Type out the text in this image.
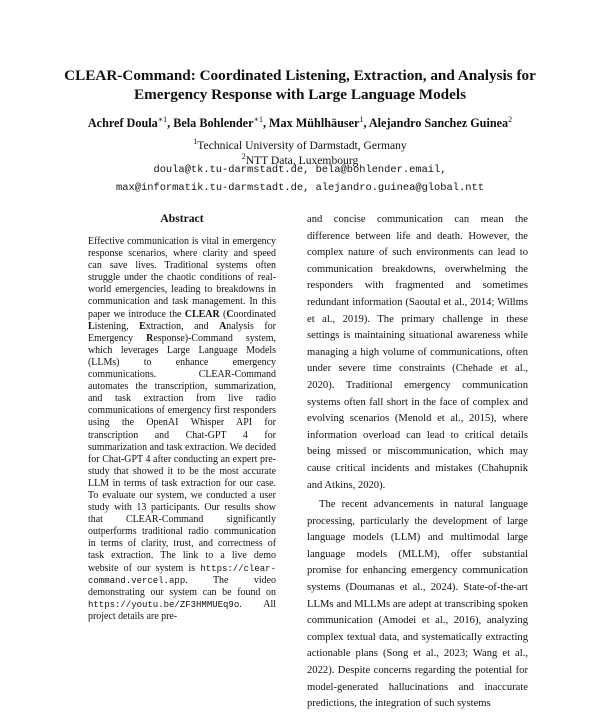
CLEAR-Command: Coordinated Listening, Extraction, and Analysis for Emergency Response with Large Language Models
Achref Doula$^{∗1}$, Bela Bohlender$^{∗1}$, Max Mühlhäuser$^1$, Alejandro Sanchez Guinea$^2$
$^1$Technical University of Darmstadt, Germany
$^2$NTT Data, Luxembourg
doula@tk.tu-darmstadt.de, bela@bohlender.email,
max@informatik.tu-darmstadt.de, alejandro.guinea@global.ntt
Abstract
Effective communication is vital in emergency response scenarios, where clarity and speed can save lives. Traditional systems often struggle under the chaotic conditions of real-world emergencies, leading to breakdowns in communication and task management. In this paper we introduce the CLEAR (Coordinated Listening, Extraction, and Analysis for Emergency Response)-Command system, which leverages Large Language Models (LLMs) to enhance emergency communications. CLEAR-Command automates the transcription, summarization, and task extraction from live radio communications of emergency first responders using the OpenAI Whisper API for transcription and Chat-GPT 4 for summarization and task extraction. We decided for Chat-GPT 4 after conducting an expert pre-study that showed it to be the most accurate LLM in terms of task extraction for our case. To evaluate our system, we conducted a user study with 13 participants. Our results show that CLEAR-Command significantly outperforms traditional radio communication in terms of clarity, trust, and correctness of task extraction. The link to a live demo website of our system is https://clear-command.vercel.app. The video demonstrating our system can be found on https://youtu.be/ZF3HMMUEq9o. All project details are pre-

and concise communication can mean the difference between life and death. However, the complex nature of such environments can lead to communication breakdowns, overwhelming the responders with fragmented and sometimes redundant information (Saoutal et al., 2014; Willms et al., 2019). The primary challenge in these settings is maintaining situational awareness while managing a high volume of communications, often under severe time constraints (Chehade et al., 2020). Traditional emergency communication systems often fall short in the face of complex and evolving scenarios (Menold et al., 2015), where information overload can lead to critical details being missed or miscommunication, which may cause critical incidents and mistakes (Chahupnik and Atkins, 2020).

The recent advancements in natural language processing, particularly the development of large language models (LLM) and multimodal large language models (MLLM), offer substantial promise for enhancing emergency communication systems (Doumanas et al., 2024). State-of-the-art LLMs and MLLMs are adept at transcribing spoken communication (Amodei et al., 2016), analyzing complex textual data, and systematically extracting actionable plans (Song et al., 2023; Wang et al., 2022). Despite concerns regarding the potential for model-generated hallucinations and inaccurate predictions, the integration of such systems
